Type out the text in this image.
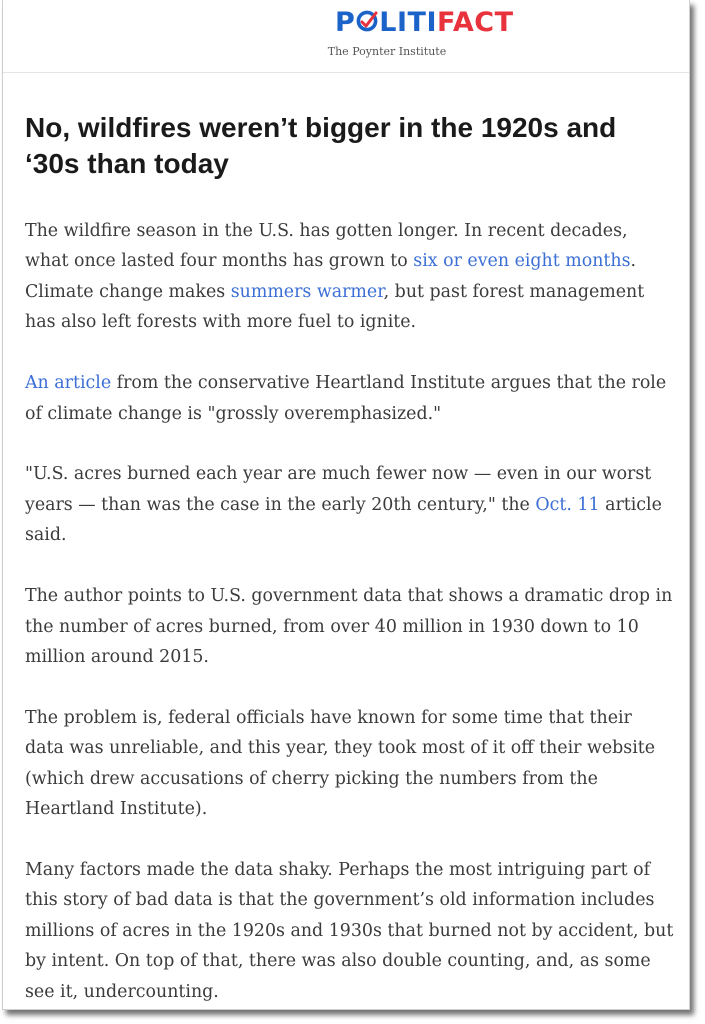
P LITIFACT
The Poynter Institute
No, wildfires weren’t bigger in the 1920s and ‘30s than today

The wildfire season in the U.S. has gotten longer. In recent decades, what once lasted four months has grown to six or even eight months. Climate change makes summers warmer, but past forest management has also left forests with more fuel to ignite.

An article from the conservative Heartland Institute argues that the role of climate change is "grossly overemphasized."

"U.S. acres burned each year are much fewer now — even in our worst years — than was the case in the early 20th century," the Oct. 11 article said.

The author points to U.S. government data that shows a dramatic drop in the number of acres burned, from over 40 million in 1930 down to 10 million around 2015.

The problem is, federal officials have known for some time that their data was unreliable, and this year, they took most of it off their website (which drew accusations of cherry picking the numbers from the Heartland Institute).

Many factors made the data shaky. Perhaps the most intriguing part of this story of bad data is that the government’s old information includes millions of acres in the 1920s and 1930s that burned not by accident, but by intent. On top of that, there was also double counting, and, as some see it, undercounting.
